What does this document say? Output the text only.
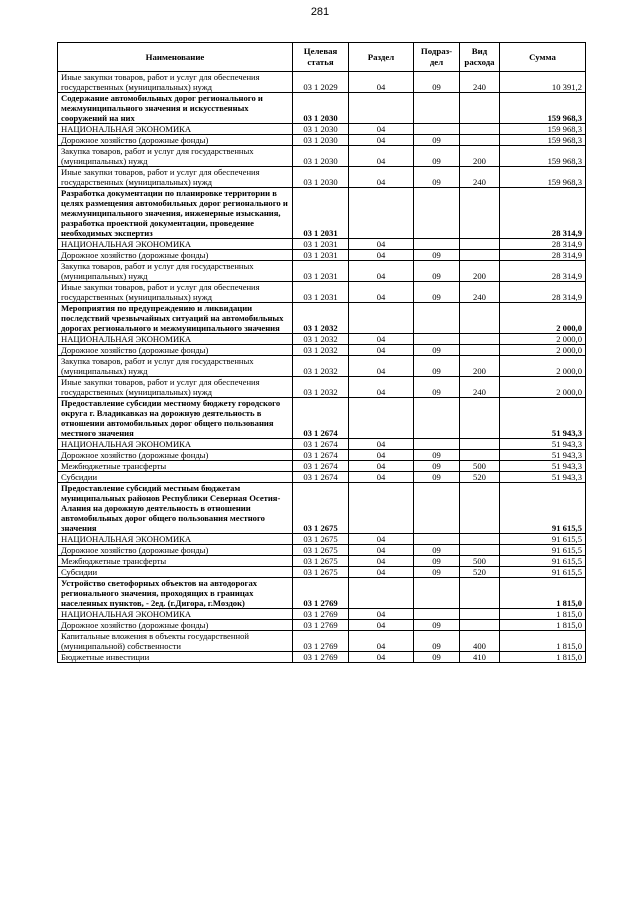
281
Наименование	Целевая статья	Раздел	Подраз-дел	Вид расхода	Сумма
Иные закупки товаров, работ и услуг для обеспечения государственных (муниципальных) нужд	03 1 2029	04	09	240	10 391,2
Содержание автомобильных дорог регионального и межмуниципального значения и искусственных сооружений на них	03 1 2030				159 968,3
НАЦИОНАЛЬНАЯ ЭКОНОМИКА	03 1 2030	04			159 968,3
Дорожное хозяйство (дорожные фонды)	03 1 2030	04	09		159 968,3
Закупка товаров, работ и услуг для государственных (муниципальных) нужд	03 1 2030	04	09	200	159 968,3
Иные закупки товаров, работ и услуг для обеспечения государственных (муниципальных) нужд	03 1 2030	04	09	240	159 968,3
Разработка документации по планировке территории в целях размещения автомобильных дорог регионального и межмуниципального значения, инженерные изыскания, разработка проектной документации, проведение необходимых экспертиз	03 1 2031				28 314,9
НАЦИОНАЛЬНАЯ ЭКОНОМИКА	03 1 2031	04			28 314,9
Дорожное хозяйство (дорожные фонды)	03 1 2031	04	09		28 314,9
Закупка товаров, работ и услуг для государственных (муниципальных) нужд	03 1 2031	04	09	200	28 314,9
Иные закупки товаров, работ и услуг для обеспечения государственных (муниципальных) нужд	03 1 2031	04	09	240	28 314,9
Мероприятия по предупреждению и ликвидации последствий чрезвычайных ситуаций на автомобильных дорогах регионального и межмуниципального значения	03 1 2032				2 000,0
НАЦИОНАЛЬНАЯ ЭКОНОМИКА	03 1 2032	04			2 000,0
Дорожное хозяйство (дорожные фонды)	03 1 2032	04	09		2 000,0
Закупка товаров, работ и услуг для государственных (муниципальных) нужд	03 1 2032	04	09	200	2 000,0
Иные закупки товаров, работ и услуг для обеспечения государственных (муниципальных) нужд	03 1 2032	04	09	240	2 000,0
Предоставление субсидии местному бюджету городского округа г. Владикавказ на дорожную деятельность в отношении автомобильных дорог общего пользования местного значения	03 1 2674				51 943,3
НАЦИОНАЛЬНАЯ ЭКОНОМИКА	03 1 2674	04			51 943,3
Дорожное хозяйство (дорожные фонды)	03 1 2674	04	09		51 943,3
Межбюджетные трансферты	03 1 2674	04	09	500	51 943,3
Субсидии	03 1 2674	04	09	520	51 943,3
Предоставление субсидий местным бюджетам муниципальных районов Республики Северная Осетия-Алания на дорожную деятельность в отношении автомобильных дорог общего пользования местного значения	03 1 2675				91 615,5
НАЦИОНАЛЬНАЯ ЭКОНОМИКА	03 1 2675	04			91 615,5
Дорожное хозяйство (дорожные фонды)	03 1 2675	04	09		91 615,5
Межбюджетные трансферты	03 1 2675	04	09	500	91 615,5
Субсидии	03 1 2675	04	09	520	91 615,5
Устройство светофорных объектов на автодорогах регионального значения, проходящих в границах населенных пунктов, - 2ед. (г.Дигора, г.Моздок)	03 1 2769				1 815,0
НАЦИОНАЛЬНАЯ ЭКОНОМИКА	03 1 2769	04			1 815,0
Дорожное хозяйство (дорожные фонды)	03 1 2769	04	09		1 815,0
Капитальные вложения в объекты государственной (муниципальной) собственности	03 1 2769	04	09	400	1 815,0
Бюджетные инвестиции	03 1 2769	04	09	410	1 815,0
